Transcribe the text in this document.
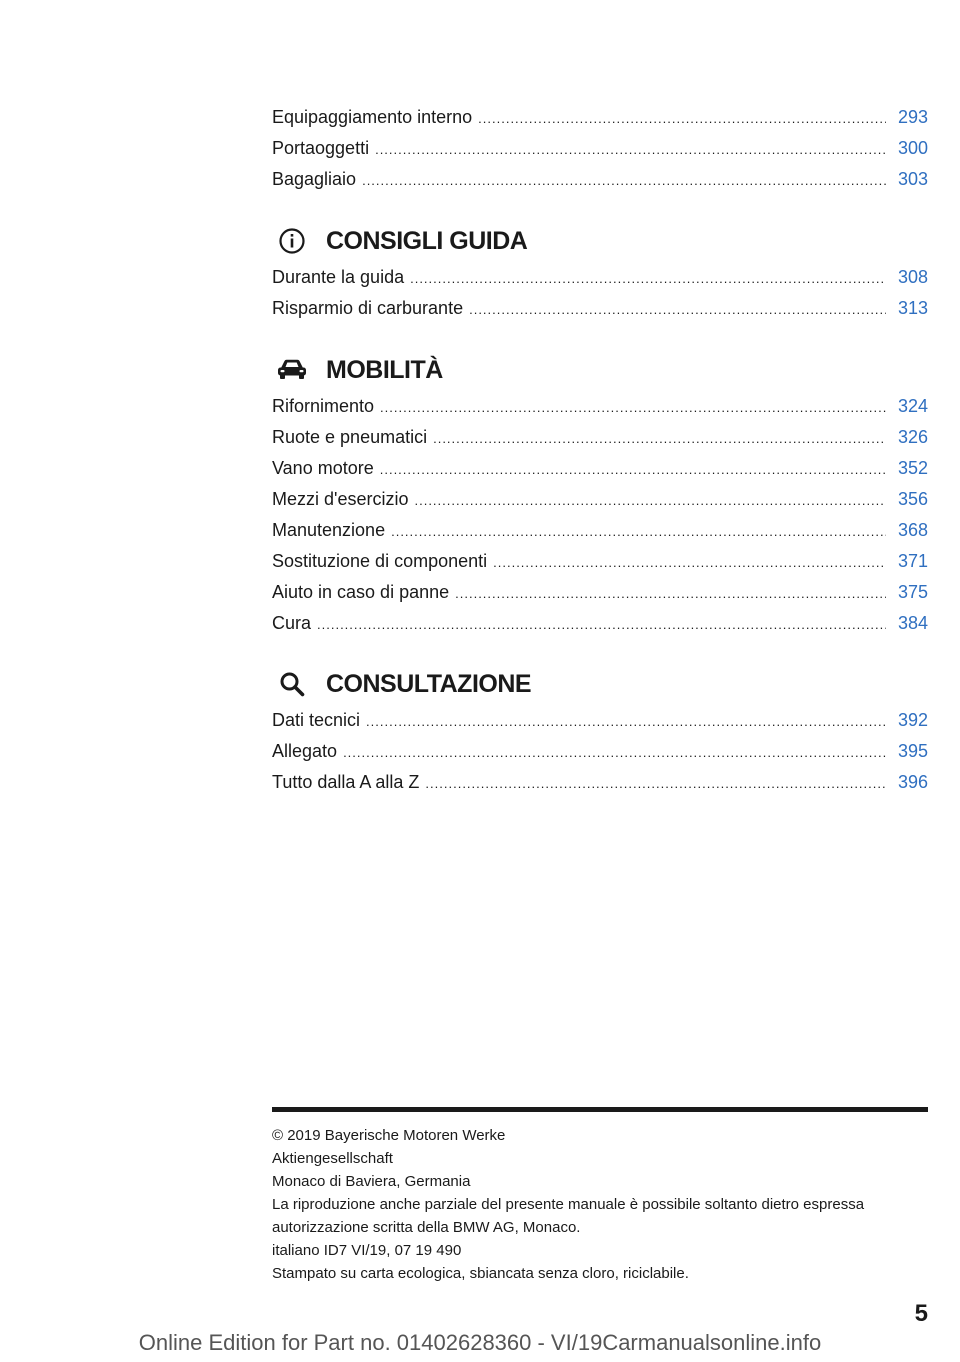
Equipaggiamento interno .....	293
Portaoggetti .....	300
Bagagliaio .....	303
CONSIGLI GUIDA
Durante la guida .....	308
Risparmio di carburante .....	313
MOBILITÀ
Rifornimento .....	324
Ruote e pneumatici .....	326
Vano motore .....	352
Mezzi d'esercizio .....	356
Manutenzione .....	368
Sostituzione di componenti .....	371
Aiuto in caso di panne .....	375
Cura .....	384
CONSULTAZIONE
Dati tecnici .....	392
Allegato .....	395
Tutto dalla A alla Z .....	396
© 2019 Bayerische Motoren Werke
Aktiengesellschaft
Monaco di Baviera, Germania
La riproduzione anche parziale del presente manuale è possibile soltanto dietro espressa
autorizzazione scritta della BMW AG, Monaco.
italiano ID7 VI/19, 07 19 490
Stampato su carta ecologica, sbiancata senza cloro, riciclabile.
5
Online Edition for Part no. 01402628360 - VI/19Carmanualsonline.info
